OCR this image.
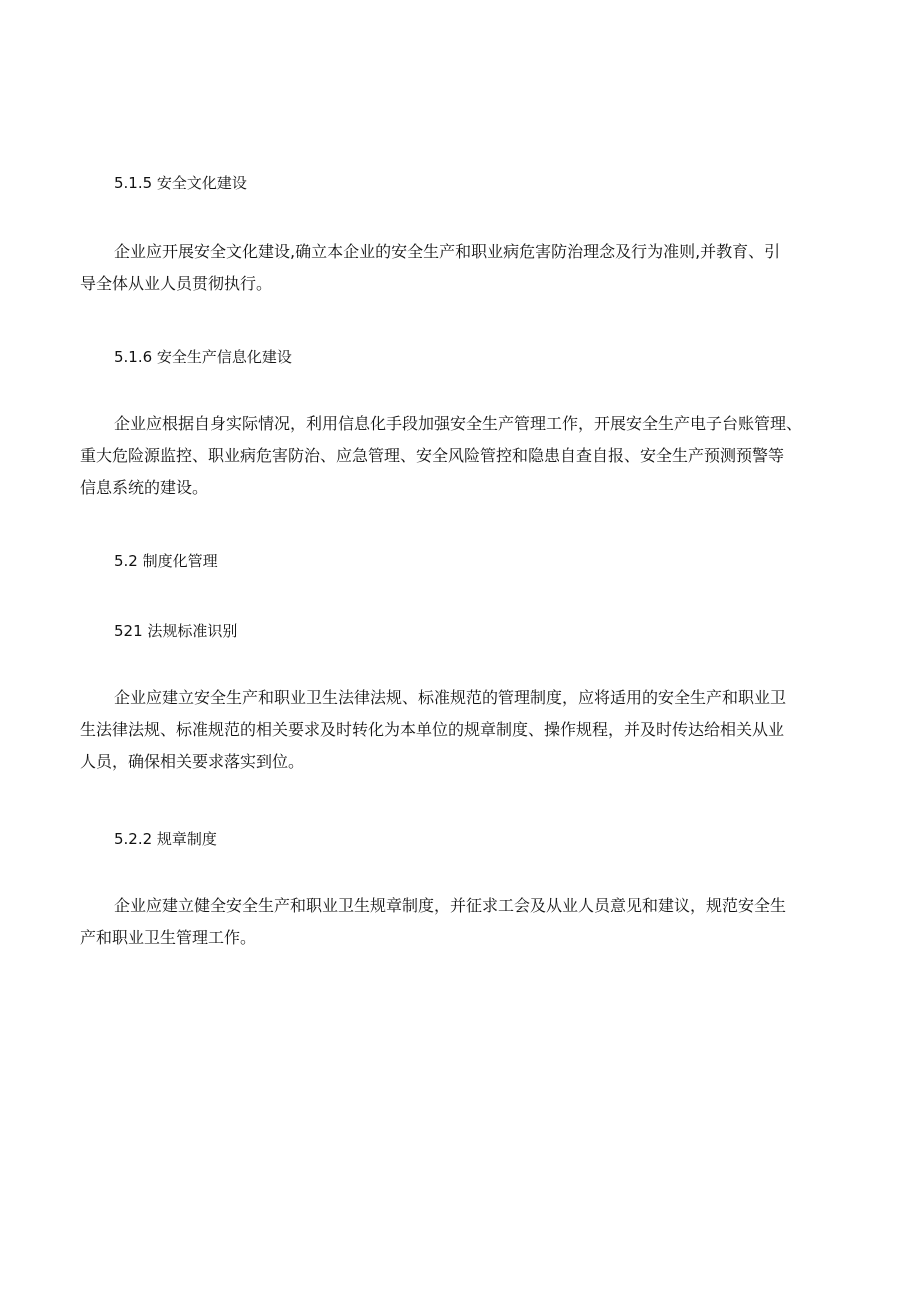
5.1.5 安全文化建设
企业应开展安全文化建设,确立本企业的安全生产和职业病危害防治理念及行为准则,并教育、引
导全体从业人员贯彻执行。
5.1.6 安全生产信息化建设
企业应根据自身实际情况，利用信息化手段加强安全生产管理工作，开展安全生产电子台账管理、
重大危险源监控、职业病危害防治、应急管理、安全风险管控和隐患自查自报、安全生产预测预警等
信息系统的建设。
5.2 制度化管理
521 法规标准识别
企业应建立安全生产和职业卫生法律法规、标准规范的管理制度，应将适用的安全生产和职业卫
生法律法规、标准规范的相关要求及时转化为本单位的规章制度、操作规程，并及时传达给相关从业
人员，确保相关要求落实到位。
5.2.2 规章制度
企业应建立健全安全生产和职业卫生规章制度，并征求工会及从业人员意见和建议，规范安全生
产和职业卫生管理工作。
